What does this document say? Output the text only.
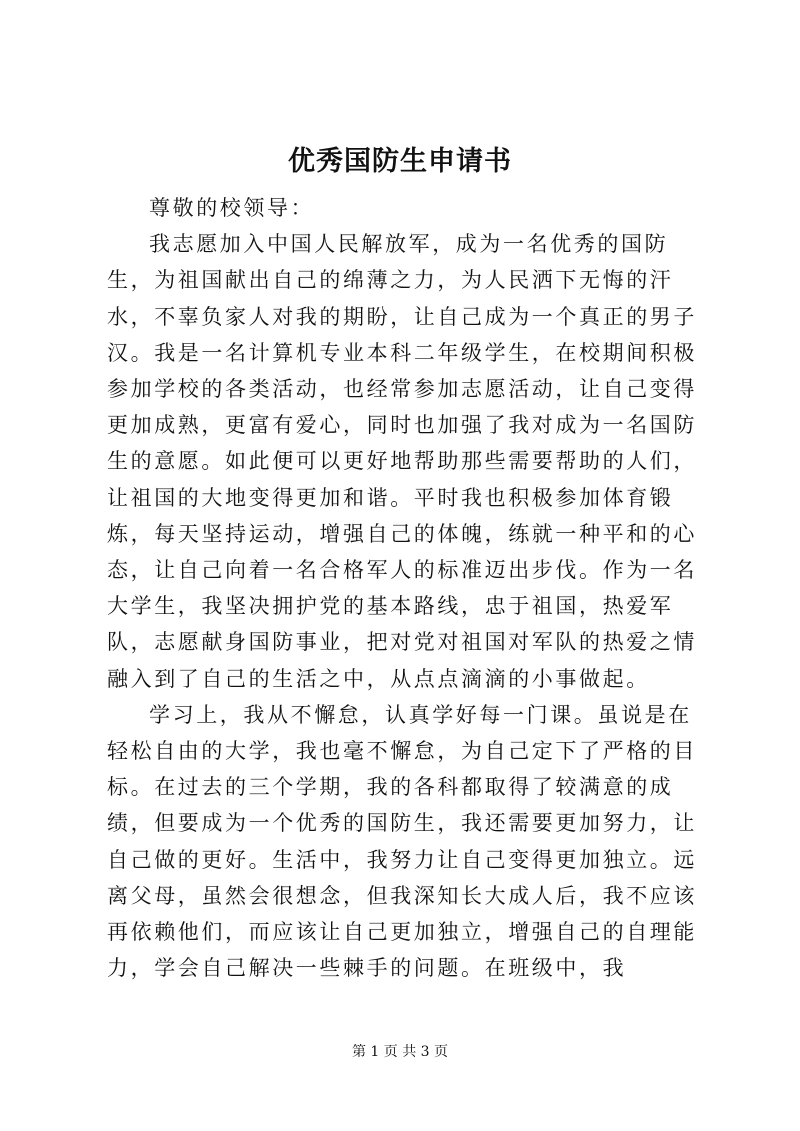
优秀国防生申请书

尊敬的校领导：

我志愿加入中国人民解放军，成为一名优秀的国防生，为祖国献出自己的绵薄之力，为人民洒下无悔的汗水，不辜负家人对我的期盼，让自己成为一个真正的男子汉。我是一名计算机专业本科二年级学生，在校期间积极参加学校的各类活动，也经常参加志愿活动，让自己变得更加成熟，更富有爱心，同时也加强了我对成为一名国防生的意愿。如此便可以更好地帮助那些需要帮助的人们，让祖国的大地变得更加和谐。平时我也积极参加体育锻炼，每天坚持运动，增强自己的体魄，练就一种平和的心态，让自己向着一名合格军人的标准迈出步伐。作为一名大学生，我坚决拥护党的基本路线，忠于祖国，热爱军队，志愿献身国防事业，把对党对祖国对军队的热爱之情融入到了自己的生活之中，从点点滴滴的小事做起。

学习上，我从不懈怠，认真学好每一门课。虽说是在轻松自由的大学，我也毫不懈怠，为自己定下了严格的目标。在过去的三个学期，我的各科都取得了较满意的成绩，但要成为一个优秀的国防生，我还需要更加努力，让自己做的更好。生活中，我努力让自己变得更加独立。远离父母，虽然会很想念，但我深知长大成人后，我不应该再依赖他们，而应该让自己更加独立，增强自己的自理能力，学会自己解决一些棘手的问题。在班级中，我

第 1 页 共 3 页
